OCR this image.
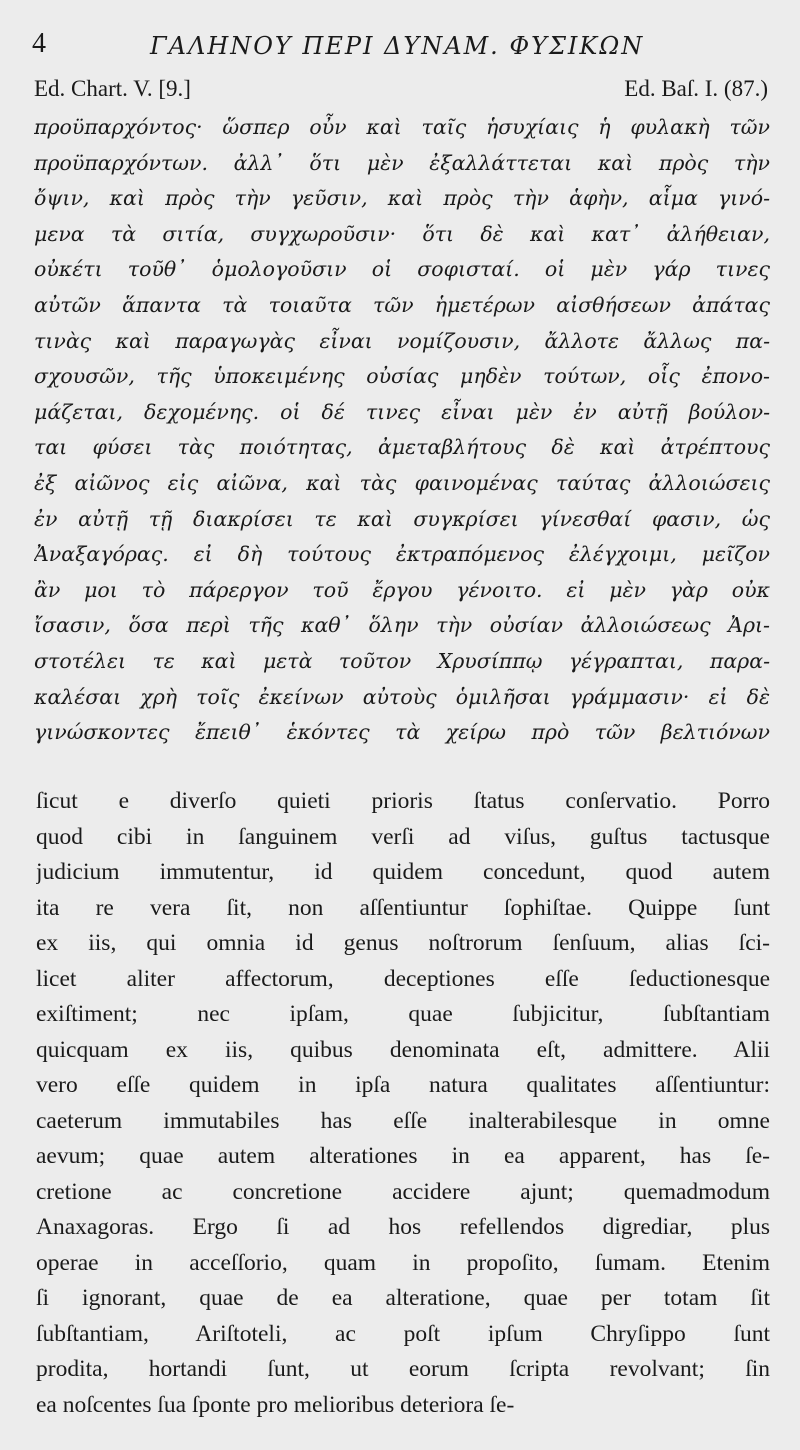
4	ΓΑΛΗΝΟΥ ΠΕΡΙ ΔΥΝΑΜ. ΦΥΣΙΚΩΝ
Ed. Chart. V. [9.]	Ed. Baſ. I. (87.)
προϋπαρχόντος· ὥσπερ οὖν καὶ ταῖς ἡσυχίαις ἡ φυλακὴ τῶν
προϋπαρχόντων. ἀλλ᾽ ὅτι μὲν ἐξαλλάττεται καὶ πρὸς τὴν
ὄψιν, καὶ πρὸς τὴν γεῦσιν, καὶ πρὸς τὴν ἁφὴν, αἷμα γινό-
μενα τὰ σιτία, συγχωροῦσιν· ὅτι δὲ καὶ κατ᾽ ἀλήθειαν,
οὐκέτι τοῦθ᾽ ὁμολογοῦσιν οἱ σοφισταί. οἱ μὲν γάρ τινες
αὐτῶν ἅπαντα τὰ τοιαῦτα τῶν ἡμετέρων αἰσθήσεων ἀπάτας
τινὰς καὶ παραγωγὰς εἶναι νομίζουσιν, ἄλλοτε ἄλλως πα-
σχουσῶν, τῆς ὑποκειμένης οὐσίας μηδὲν τούτων, οἷς ἐπονο-
μάζεται, δεχομένης. οἱ δέ τινες εἶναι μὲν ἐν αὐτῇ βούλον-
ται φύσει τὰς ποιότητας, ἀμεταβλήτους δὲ καὶ ἀτρέπτους
ἐξ αἰῶνος εἰς αἰῶνα, καὶ τὰς φαινομένας ταύτας ἀλλοιώσεις
ἐν αὐτῇ τῇ διακρίσει τε καὶ συγκρίσει γίνεσθαί φασιν, ὡς
Ἀναξαγόρας. εἰ δὴ τούτους ἐκτραπόμενος ἐλέγχοιμι, μεῖζον
ἂν μοι τὸ πάρεργον τοῦ ἔργου γένοιτο. εἰ μὲν γὰρ οὐκ
ἴσασιν, ὅσα περὶ τῆς καθ᾽ ὅλην τὴν οὐσίαν ἀλλοιώσεως Ἀρι-
στοτέλει τε καὶ μετὰ τοῦτον Χρυσίππῳ γέγραπται, παρα-
καλέσαι χρὴ τοῖς ἐκείνων αὐτοὺς ὁμιλῆσαι γράμμασιν· εἰ δὲ
γινώσκοντες ἔπειθ᾽ ἑκόντες τὰ χείρω πρὸ τῶν βελτιόνων
ſicut e diverſo quieti prioris ſtatus conſervatio. Porro
quod cibi in ſanguinem verſi ad viſus, guſtus tactusque
judicium immutentur, id quidem concedunt, quod autem
ita re vera ſit, non aſſentiuntur ſophiſtae. Quippe ſunt
ex iis, qui omnia id genus noſtrorum ſenſuum, alias ſci-
licet aliter affectorum, deceptiones eſſe ſeductionesque
exiſtiment; nec ipſam, quae ſubjicitur, ſubſtantiam
quicquam ex iis, quibus denominata eſt, admittere. Alii
vero eſſe quidem in ipſa natura qualitates aſſentiuntur:
caeterum immutabiles has eſſe inalterabilesque in omne
aevum; quae autem alterationes in ea apparent, has ſe-
cretione ac concretione accidere ajunt; quemadmodum
Anaxagoras. Ergo ſi ad hos refellendos digrediar, plus
operae in acceſſorio, quam in propoſito, ſumam. Etenim
ſi ignorant, quae de ea alteratione, quae per totam ſit
ſubſtantiam, Ariſtoteli, ac poſt ipſum Chryſippo ſunt
prodita, hortandi ſunt, ut eorum ſcripta revolvant; ſin
ea noſcentes ſua ſponte pro melioribus deteriora ſe-
